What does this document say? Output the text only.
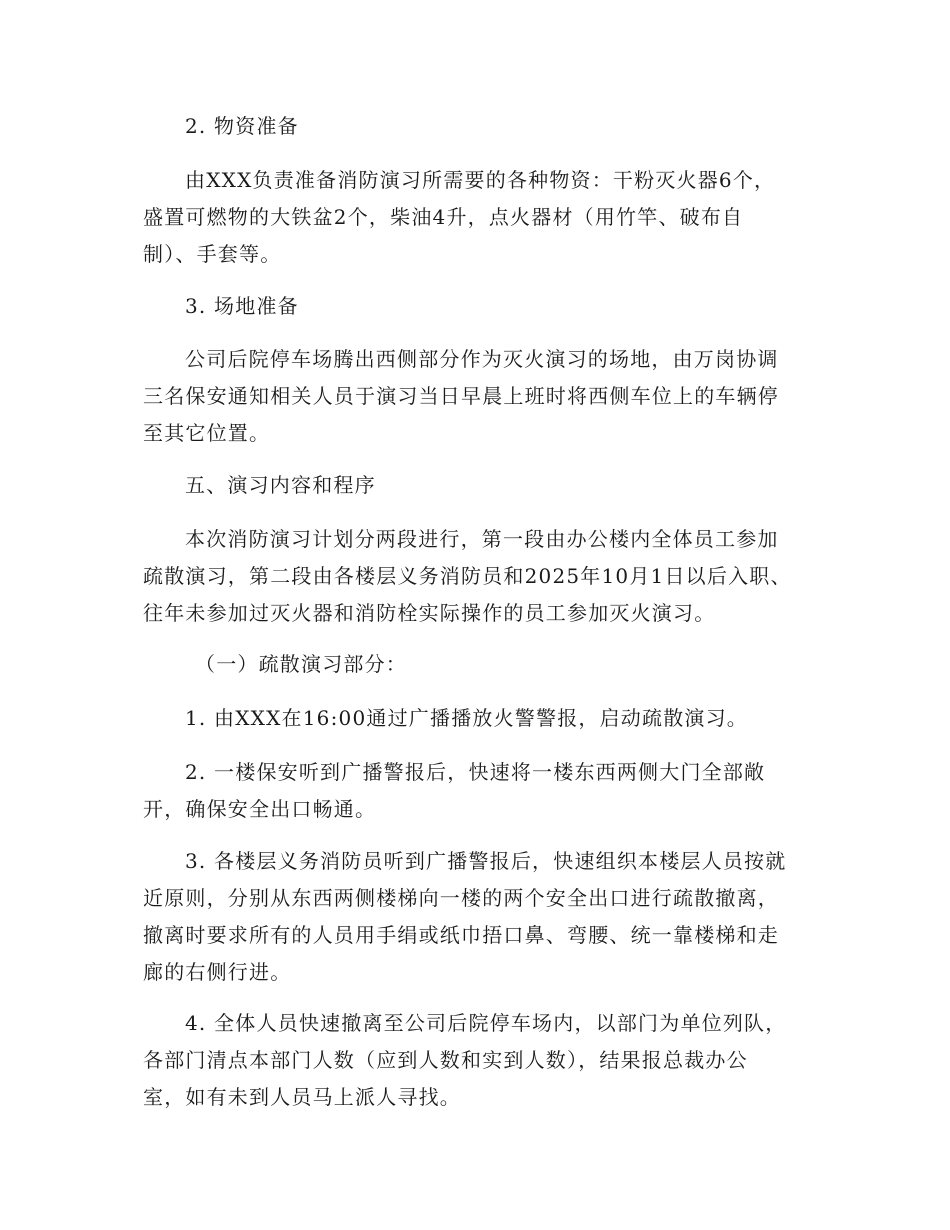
2. 物资准备

由XXX负责准备消防演习所需要的各种物资：干粉灭火器6个，
盛置可燃物的大铁盆2个，柴油4升，点火器材（用竹竿、破布自
制）、手套等。

3. 场地准备

公司后院停车场腾出西侧部分作为灭火演习的场地，由万岗协调
三名保安通知相关人员于演习当日早晨上班时将西侧车位上的车辆停
至其它位置。

五、演习内容和程序

本次消防演习计划分两段进行，第一段由办公楼内全体员工参加
疏散演习，第二段由各楼层义务消防员和2025年10月1日以后入职、
往年未参加过灭火器和消防栓实际操作的员工参加灭火演习。

（一）疏散演习部分：

1. 由XXX在16:00通过广播播放火警警报，启动疏散演习。

2. 一楼保安听到广播警报后，快速将一楼东西两侧大门全部敞
开，确保安全出口畅通。

3. 各楼层义务消防员听到广播警报后，快速组织本楼层人员按就
近原则，分别从东西两侧楼梯向一楼的两个安全出口进行疏散撤离，
撤离时要求所有的人员用手绢或纸巾捂口鼻、弯腰、统一靠楼梯和走
廊的右侧行进。

4. 全体人员快速撤离至公司后院停车场内，以部门为单位列队，
各部门清点本部门人数（应到人数和实到人数），结果报总裁办公
室，如有未到人员马上派人寻找。
